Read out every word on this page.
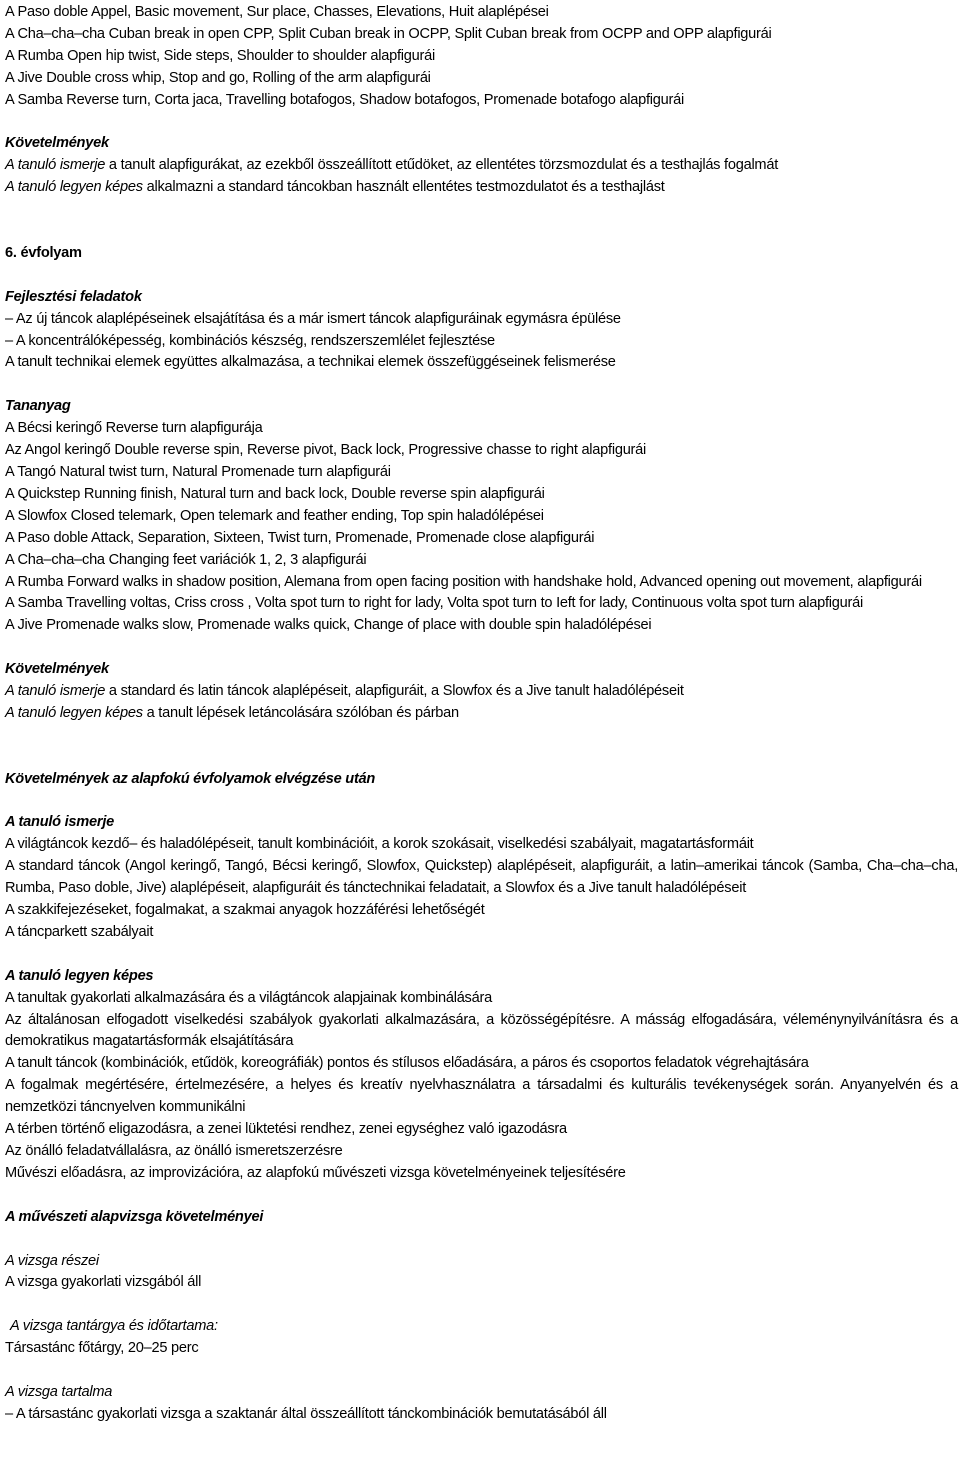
A Paso doble Appel, Basic movement, Sur place, Chasses, Elevations, Huit alaplépései

A Cha–cha–cha Cuban break in open CPP, Split Cuban break in OCPP, Split Cuban break from OCPP and OPP alapfigurái

A Rumba Open hip twist, Side steps, Shoulder to shoulder alapfigurái

A Jive Double cross whip, Stop and go, Rolling of the arm alapfigurái

A Samba Reverse turn, Corta jaca, Travelling botafogos, Shadow botafogos, Promenade botafogo alapfigurái

Követelmények

A tanuló ismerje a tanult alapfigurákat, az ezekből összeállított etűdöket, az ellentétes törzsmozdulat és a testhajlás fogalmát

A tanuló legyen képes alkalmazni a standard táncokban használt ellentétes testmozdulatot és a testhajlást

6. évfolyam

Fejlesztési feladatok

– Az új táncok alaplépéseinek elsajátítása és a már ismert táncok alapfiguráinak egymásra épülése

– A koncentrálóképesség, kombinációs készség, rendszerszemlélet fejlesztése

A tanult technikai elemek együttes alkalmazása, a technikai elemek összefüggéseinek felismerése

Tananyag

A Bécsi keringő Reverse turn alapfigurája

Az Angol keringő Double reverse spin, Reverse pivot, Back lock, Progressive chasse to right alapfigurái

A Tangó Natural twist turn, Natural Promenade turn alapfigurái

A Quickstep Running finish, Natural turn and back lock, Double reverse spin alapfigurái

A Slowfox Closed telemark, Open telemark and feather ending, Top spin haladólépései

A Paso doble Attack, Separation, Sixteen, Twist turn, Promenade, Promenade close alapfigurái

A Cha–cha–cha Changing feet variációk 1, 2, 3 alapfigurái

A Rumba Forward walks in shadow position, Alemana from open facing position with handshake hold, Advanced opening out movement, alapfigurái

A Samba Travelling voltas, Criss cross , Volta spot turn to right for lady, Volta spot turn to Ieft for lady, Continuous volta spot turn alapfigurái

A Jive Promenade walks slow, Promenade walks quick, Change of place with double spin haladólépései

Követelmények

A tanuló ismerje a standard és latin táncok alaplépéseit, alapfiguráit, a Slowfox és a Jive tanult haladólépéseit

A tanuló legyen képes a tanult lépések letáncolására szólóban és párban

Követelmények az alapfokú évfolyamok elvégzése után

A tanuló ismerje

A világtáncok kezdő– és haladólépéseit, tanult kombinációit, a korok szokásait, viselkedési szabályait, magatartásformáit

A standard táncok (Angol keringő, Tangó, Bécsi keringő, Slowfox, Quickstep) alaplépéseit, alapfiguráit, a latin–amerikai táncok (Samba, Cha–cha–cha, Rumba, Paso doble, Jive) alaplépéseit, alapfiguráit és tánctechnikai feladatait, a Slowfox és a Jive tanult haladólépéseit

A szakkifejezéseket, fogalmakat, a szakmai anyagok hozzáférési lehetőségét

A táncparkett szabályait

A tanuló legyen képes

A tanultak gyakorlati alkalmazására és a világtáncok alapjainak kombinálására

Az általánosan elfogadott viselkedési szabályok gyakorlati alkalmazására, a közösségépítésre. A másság elfogadására, véleménynyilvánításra és a demokratikus magatartásformák elsajátítására

A tanult táncok (kombinációk, etűdök, koreográfiák) pontos és stílusos előadására, a páros és csoportos feladatok végrehajtására

A fogalmak megértésére, értelmezésére, a helyes és kreatív nyelvhasználatra a társadalmi és kulturális tevékenységek során. Anyanyelvén és a nemzetközi táncnyelven kommunikálni

A térben történő eligazodásra, a zenei lüktetési rendhez, zenei egységhez való igazodásra

Az önálló feladatvállalásra, az önálló ismeretszerzésre

Művészi előadásra, az improvizációra, az alapfokú művészeti vizsga követelményeinek teljesítésére

A művészeti alapvizsga követelményei

A vizsga részei

A vizsga gyakorlati vizsgából áll

A vizsga tantárgya és időtartama:

Társastánc főtárgy, 20–25 perc

A vizsga tartalma

– A társastánc gyakorlati vizsga a szaktanár által összeállított tánckombinációk bemutatásából áll
